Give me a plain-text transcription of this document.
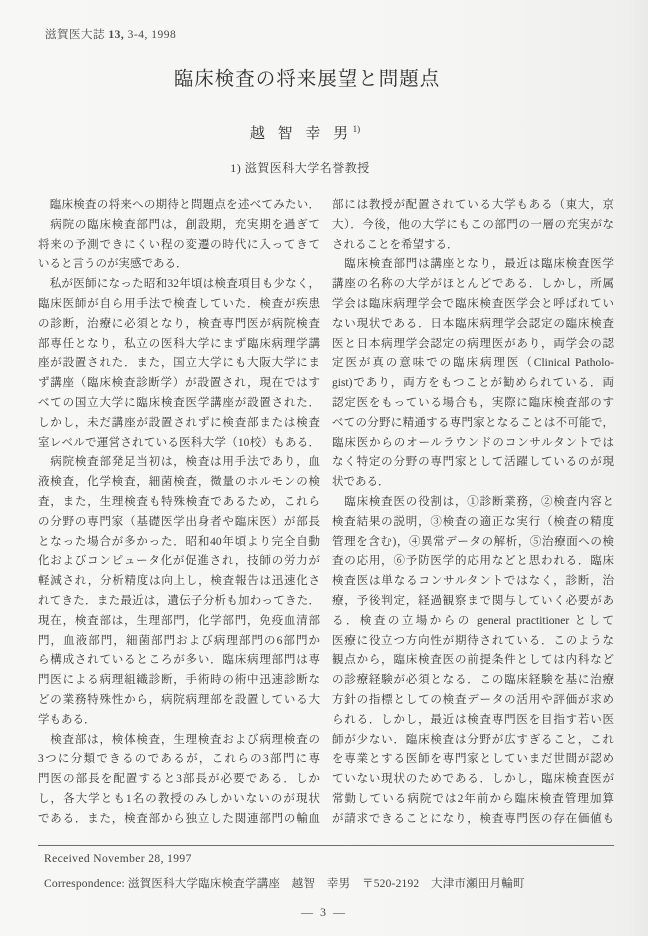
滋賀医大誌 13, 3-4, 1998
臨床検査の将来展望と問題点
越 智 幸 男$^{1)}$
1) 滋賀医科大学名誉教授
　臨床検査の将来への期待と問題点を述べてみたい．
　病院の臨床検査部門は，創設期，充実期を過ぎて
将来の予測できにくい程の変遷の時代に入ってきて
いると言うのが実感である．
　私が医師になった昭和32年頃は検査項目も少なく，
臨床医師が自ら用手法で検査していた．検査が疾患
の診断，治療に必須となり，検査専門医が病院検査
部専任となり，私立の医科大学にまず臨床病理学講
座が設置された．また，国立大学にも大阪大学にま
ず講座（臨床検査診断学）が設置され，現在ではす
べての国立大学に臨床検査医学講座が設置された．
しかし，未だ講座が設置されずに検査部または検査
室レベルで運営されている医科大学（10校）もある．
　病院検査部発足当初は，検査は用手法であり，血
液検査，化学検査，細菌検査，微量のホルモンの検
査，また，生理検査も特殊検査であるため，これら
の分野の専門家（基礎医学出身者や臨床医）が部長
となった場合が多かった．昭和40年頃より完全自動
化およびコンピュータ化が促進され，技師の労力が
軽減され，分析精度は向上し，検査報告は迅速化さ
れてきた．また最近は，遺伝子分析も加わってきた．
現在，検査部は，生理部門，化学部門，免疫血清部
門，血液部門，細菌部門および病理部門の6部門か
ら構成されているところが多い．臨床病理部門は専
門医による病理組織診断，手術時の術中迅速診断な
どの業務特殊性から，病院病理部を設置している大
学もある．
　検査部は，検体検査，生理検査および病理検査の
3つに分類できるのであるが，これらの3部門に専
門医の部長を配置すると3部長が必要である．しか
し，各大学とも1名の教授のみしかいないのが現状
である．また，検査部から独立した関連部門の輸血
部には教授が配置されている大学もある（東大，京
大）．今後，他の大学にもこの部門の一層の充実がな
されることを希望する．
　臨床検査部門は講座となり，最近は臨床検査医学
講座の名称の大学がほとんどである．しかし，所属
学会は臨床病理学会で臨床検査医学会と呼ばれてい
ない現状である．日本臨床病理学会認定の臨床検査
医と日本病理学会認定の病理医があり，両学会の認
定医が真の意味での臨床病理医（Clinical Patholo-
gist)であり，両方をもつことが勧められている．両
認定医をもっている場合も，実際に臨床検査部のす
べての分野に精通する専門家となることは不可能で，
臨床医からのオールラウンドのコンサルタントでは
なく特定の分野の専門家として活躍しているのが現
状である．
　臨床検査医の役割は，①診断業務，②検査内容と
検査結果の説明，③検査の適正な実行（検査の精度
管理を含む)，④異常データの解析，⑤治療面への検
査の応用，⑥予防医学的応用などと思われる．臨床
検査医は単なるコンサルタントではなく，診断，治
療，予後判定，経過観察まで関与していく必要があ
る．検査の立場からの general practitioner として
医療に役立つ方向性が期待されている．このような
観点から，臨床検査医の前提条件としては内科など
の診療経験が必須となる．この臨床経験を基に治療
方針の指標としての検査データの活用や評価が求め
られる．しかし，最近は検査専門医を目指す若い医
師が少ない．臨床検査は分野が広すぎること，これ
を専業とする医師を専門家としていまだ世間が認め
ていない現状のためである．しかし，臨床検査医が
常勤している病院では2年前から臨床検査管理加算
が請求できることになり，検査専門医の存在価値も
Received November 28, 1997
Correspondence: 滋賀医科大学臨床検査学講座　越智　幸男　〒520-2192　大津市瀬田月輪町
— 3 —
